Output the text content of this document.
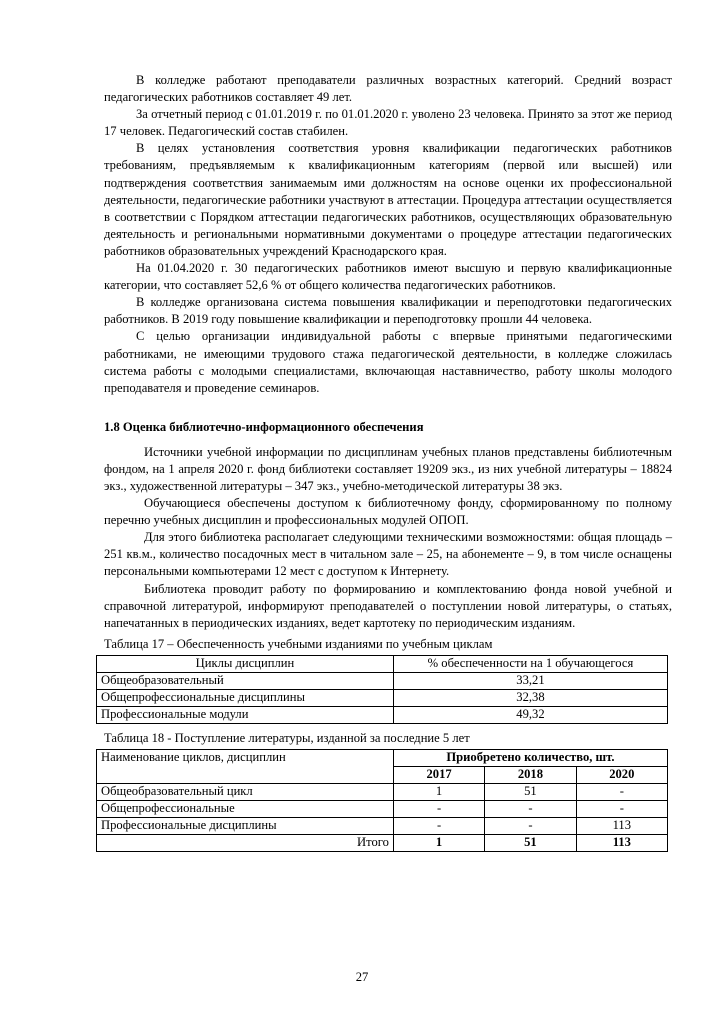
В колледже работают преподаватели различных возрастных категорий. Средний возраст педагогических работников составляет 49 лет.

За отчетный период с 01.01.2019 г. по 01.01.2020 г. уволено 23 человека. Принято за этот же период 17 человек. Педагогический состав стабилен.

В целях установления соответствия уровня квалификации педагогических работников требованиям, предъявляемым к квалификационным категориям (первой или высшей) или подтверждения соответствия занимаемым ими должностям на основе оценки их профессиональной деятельности, педагогические работники участвуют в аттестации. Процедура аттестации осуществляется в соответствии с Порядком аттестации педагогических работников, осуществляющих образовательную деятельность и региональными нормативными документами о процедуре аттестации педагогических работников образовательных учреждений Краснодарского края.

На 01.04.2020 г. 30 педагогических работников имеют высшую и первую квалификационные категории, что составляет 52,6 % от общего количества педагогических работников.

В колледже организована система повышения квалификации и переподготовки педагогических работников. В 2019 году повышение квалификации и переподготовку прошли 44 человека.

С целью организации индивидуальной работы с впервые принятыми педагогическими работниками, не имеющими трудового стажа педагогической деятельности, в колледже сложилась система работы с молодыми специалистами, включающая наставничество, работу школы молодого преподавателя и проведение семинаров.

1.8 Оценка библиотечно-информационного обеспечения

Источники учебной информации по дисциплинам учебных планов представлены библиотечным фондом, на 1 апреля 2020 г. фонд библиотеки составляет 19209 экз., из них учебной литературы – 18824 экз., художественной литературы – 347 экз., учебно-методической литературы 38 экз.

Обучающиеся обеспечены доступом к библиотечному фонду, сформированному по полному перечню учебных дисциплин и профессиональных модулей ОПОП.

Для этого библиотека располагает следующими техническими возможностями: общая площадь – 251 кв.м., количество посадочных мест в читальном зале – 25, на абонементе – 9, в том числе оснащены персональными компьютерами 12 мест с доступом к Интернету.

Библиотека проводит работу по формированию и комплектованию фонда новой учебной и справочной литературой, информируют преподавателей о поступлении новой литературы, о статьях, напечатанных в периодических изданиях, ведет картотеку по периодическим изданиям.

Таблица 17 – Обеспеченность учебными изданиями по учебным циклам
Циклы дисциплин	% обеспеченности на 1 обучающегося
Общеобразовательный	33,21
Общепрофессиональные дисциплины	32,38
Профессиональные модули	49,32
Таблица 18 - Поступление литературы, изданной за последние 5 лет
Наименование циклов, дисциплин	Приобретено количество, шт.		
	2017	2018	2020
Общеобразовательный цикл	1	51	-
Общепрофессиональные	-	-	-
Профессиональные дисциплины	-	-	113
Итого	1	51	113
27
